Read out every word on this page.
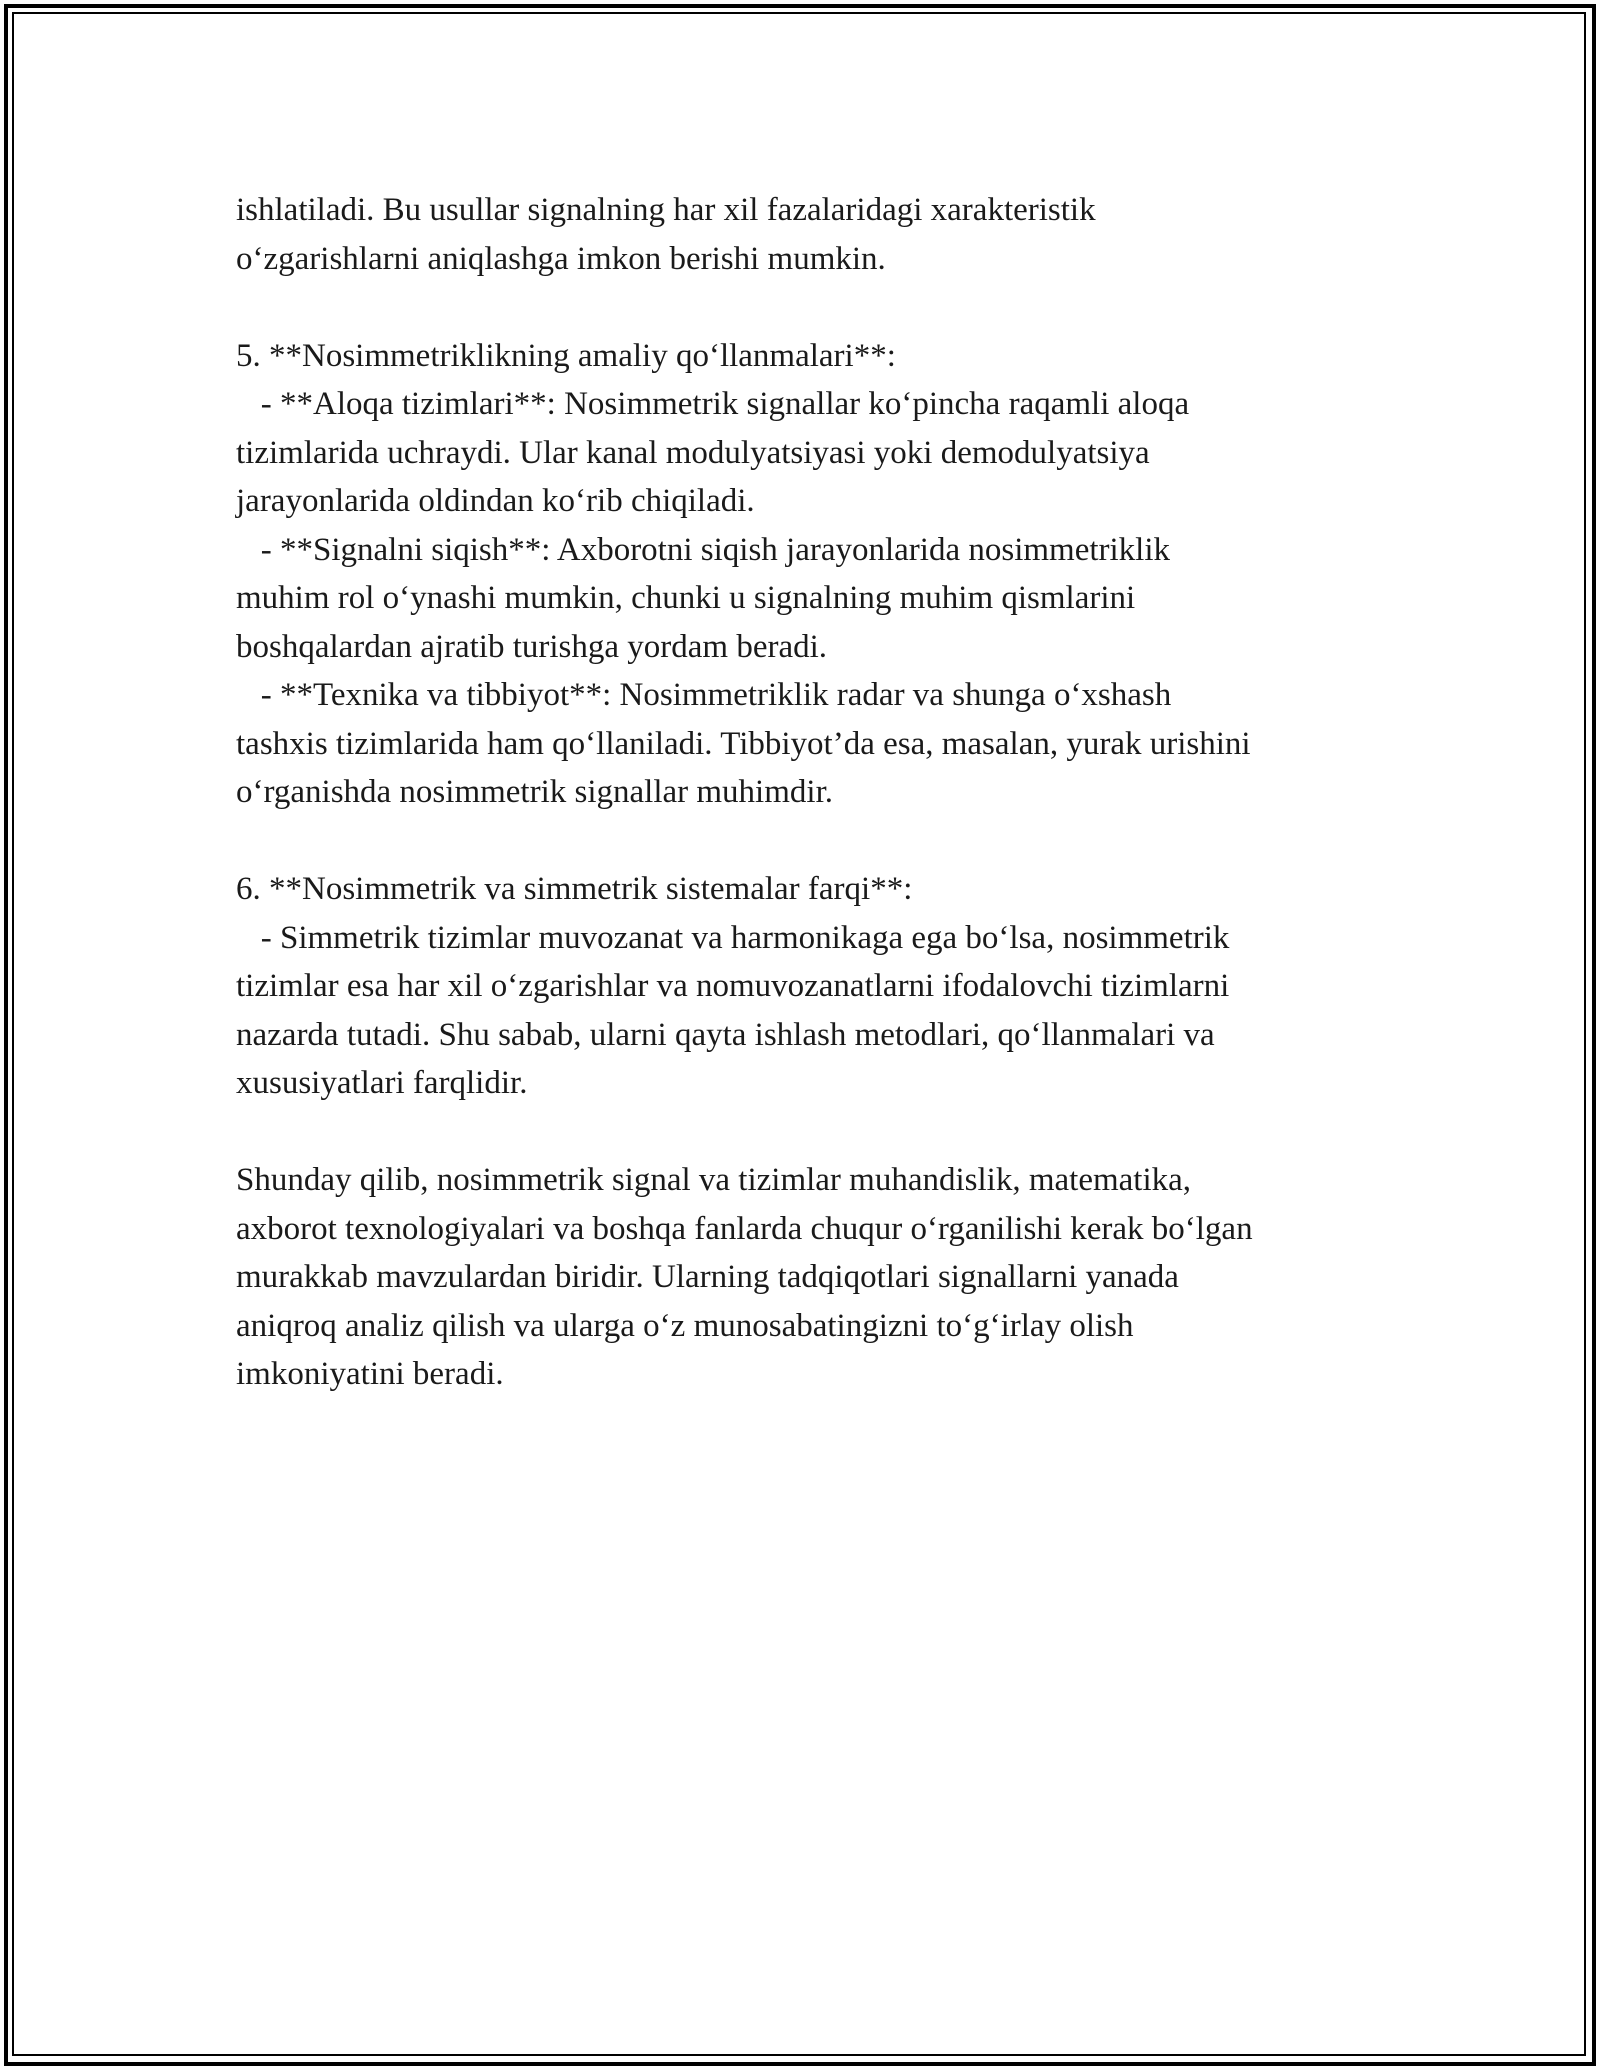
ishlatiladi. Bu usullar signalning har xil fazalaridagi xarakteristik
o‘zgarishlarni aniqlashga imkon berishi mumkin.
5. **Nosimmetriklikning amaliy qo‘llanmalari**:
- **Aloqa tizimlari**: Nosimmetrik signallar ko‘pincha raqamli aloqa
tizimlarida uchraydi. Ular kanal modulyatsiyasi yoki demodulyatsiya
jarayonlarida oldindan ko‘rib chiqiladi.
- **Signalni siqish**: Axborotni siqish jarayonlarida nosimmetriklik
muhim rol o‘ynashi mumkin, chunki u signalning muhim qismlarini
boshqalardan ajratib turishga yordam beradi.
- **Texnika va tibbiyot**: Nosimmetriklik radar va shunga o‘xshash
tashxis tizimlarida ham qo‘llaniladi. Tibbiyot’da esa, masalan, yurak urishini
o‘rganishda nosimmetrik signallar muhimdir.
6. **Nosimmetrik va simmetrik sistemalar farqi**:
- Simmetrik tizimlar muvozanat va harmonikaga ega bo‘lsa, nosimmetrik
tizimlar esa har xil o‘zgarishlar va nomuvozanatlarni ifodalovchi tizimlarni
nazarda tutadi. Shu sabab, ularni qayta ishlash metodlari, qo‘llanmalari va
xususiyatlari farqlidir.
Shunday qilib, nosimmetrik signal va tizimlar muhandislik, matematika,
axborot texnologiyalari va boshqa fanlarda chuqur o‘rganilishi kerak bo‘lgan
murakkab mavzulardan biridir. Ularning tadqiqotlari signallarni yanada
aniqroq analiz qilish va ularga o‘z munosabatingizni to‘g‘irlay olish
imkoniyatini beradi.
